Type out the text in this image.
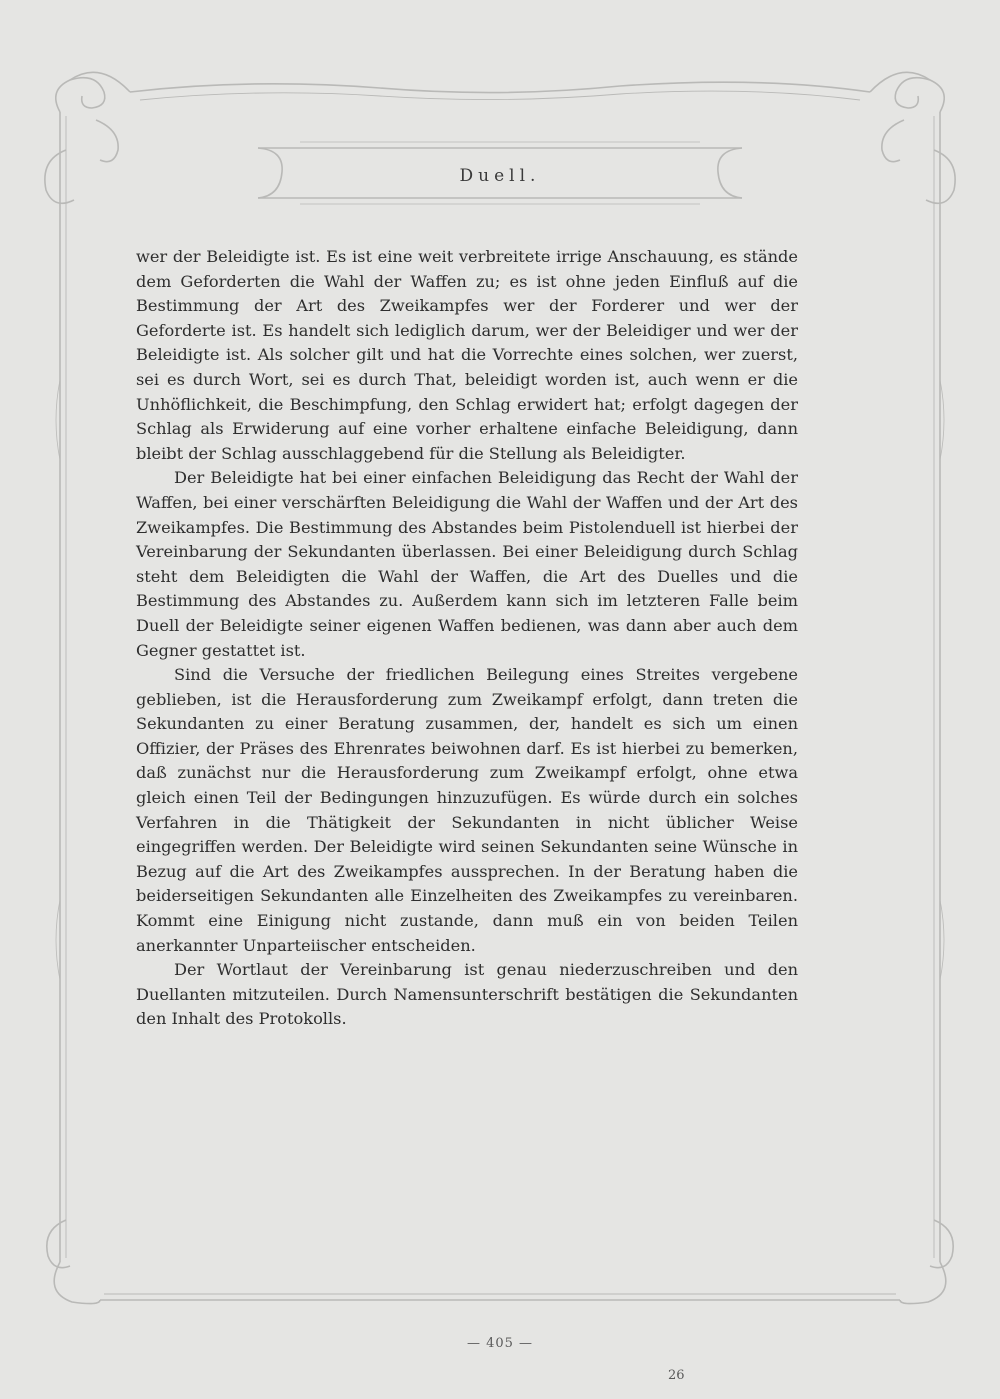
Duell.

wer der Beleidigte ist. Es ist eine weit verbreitete irrige Anschauung, es stände dem Geforderten die Wahl der Waffen zu; es ist ohne jeden Einfluß auf die Bestimmung der Art des Zweikampfes wer der Forderer und wer der Geforderte ist. Es handelt sich lediglich darum, wer der Beleidiger und wer der Beleidigte ist. Als solcher gilt und hat die Vorrechte eines solchen, wer zuerst, sei es durch Wort, sei es durch That, beleidigt worden ist, auch wenn er die Unhöflichkeit, die Beschimpfung, den Schlag erwidert hat; erfolgt dagegen der Schlag als Erwiderung auf eine vorher erhaltene einfache Beleidigung, dann bleibt der Schlag ausschlaggebend für die Stellung als Beleidigter.

Der Beleidigte hat bei einer einfachen Beleidigung das Recht der Wahl der Waffen, bei einer verschärften Beleidigung die Wahl der Waffen und der Art des Zweikampfes. Die Bestimmung des Abstandes beim Pistolenduell ist hierbei der Vereinbarung der Sekundanten überlassen. Bei einer Beleidigung durch Schlag steht dem Beleidigten die Wahl der Waffen, die Art des Duelles und die Bestimmung des Abstandes zu. Außerdem kann sich im letzteren Falle beim Duell der Beleidigte seiner eigenen Waffen bedienen, was dann aber auch dem Gegner gestattet ist.

Sind die Versuche der friedlichen Beilegung eines Streites vergebene geblieben, ist die Herausforderung zum Zweikampf erfolgt, dann treten die Sekundanten zu einer Beratung zusammen, der, handelt es sich um einen Offizier, der Präses des Ehrenrates beiwohnen darf. Es ist hierbei zu bemerken, daß zunächst nur die Herausforderung zum Zweikampf erfolgt, ohne etwa gleich einen Teil der Bedingungen hinzuzufügen. Es würde durch ein solches Verfahren in die Thätigkeit der Sekundanten in nicht üblicher Weise eingegriffen werden. Der Beleidigte wird seinen Sekundanten seine Wünsche in Bezug auf die Art des Zweikampfes aussprechen. In der Beratung haben die beiderseitigen Sekundanten alle Einzelheiten des Zweikampfes zu vereinbaren. Kommt eine Einigung nicht zustande, dann muß ein von beiden Teilen anerkannter Unparteiischer entscheiden.

Der Wortlaut der Vereinbarung ist genau niederzuschreiben und den Duellanten mitzuteilen. Durch Namensunterschrift bestätigen die Sekundanten den Inhalt des Protokolls.

— 405 —
26
